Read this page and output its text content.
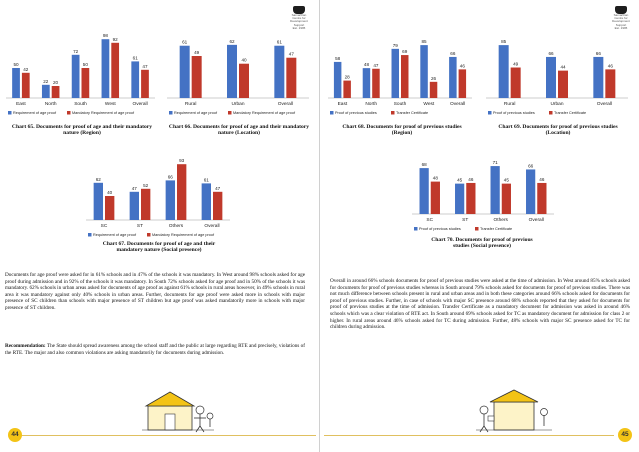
Samarthan
Centre for Development Support
Est. 1995
50
42
East
22 20
North
72
50
South
98
92
West
61
47
Overall
Requirement of age proof	Mandatory Requirement of age proof
Chart 65. Documents for proof of age and their mandatory nature (Region)
61
49
Rural
62
40
Urban
61
47
Overall
Requirement of age proof	Mandatory Requirement of age proof
Chart 66. Documents for proof of age and their mandatory nature (Location)
62
40
SC
47
52
ST
66
93
Others
61
47
Overall
Requirement of age proof	Mandatory Requirement of age proof
Chart 67. Documents for proof of age and their mandatory nature (Social presence)
Documents for age proof were asked for in 61% schools and in 47% of the schools it was mandatory. In West around 98% schools asked for age proof during admission and in 92% of the schools it was mandatory. In South 72% schools asked for age proof and in 50% of the schools it was mandatory. 62% schools in urban areas asked for documents of age proof as against 61% schools in rural areas however, in 49% schools in rural area it was mandatory against only 40% schools in urban areas. Further, documents for age proof were asked more in schools with major presence of SC children than schools with major presence of ST children but age proof was asked mandatorily more in schools with major presence of ST children.
Recommendation: The State should spread awareness among the school staff and the public at large regarding RTE and precisely, violations of the RTE. The major and also common violations are asking mandatorily for documents during admission.
44
Samarthan
Centre for Development Support
Est. 1995
58
28
East
48 47
North
79
69
South
85
26
West
66
46
Overall
Proof of previous studies	Transfer Certificate
Chart 68. Documents for proof of previous studies (Region)
85
49
Rural
66
44
Urban
66
46
Overall
Proof of previous studies	Transfer Certificate
Chart 69. Documents for proof of previous studies (Location)
68
48
SC
45 46
ST
71
45
Others
66
46
Overall
Proof of previous studies	Transfer Certificate
Chart 70. Documents for proof of previous studies (Social presence)
Overall in around 66% schools documents for proof of previous studies were asked at the time of admission. In West around 85% schools asked for documents for proof of previous studies whereas in South around 79% schools asked for documents for proof of previous studies. There was not much difference between schools present in rural and urban areas and in both these categories around 66% schools asked for documents for proof of previous studies. Further, in case of schools with major SC presence around 68% schools reported that they asked for documents for proof of previous studies at the time of admission. Transfer Certificate as a mandatory document for admission was asked in around 46% schools which was a clear violation of RTE act. In South around 69% schools asked for TC as mandatory document for admission for class 2 or higher. In rural areas around 46% schools asked for TC during admission. Further, 48% schools with major SC presence asked for TC for children during admission.
45
